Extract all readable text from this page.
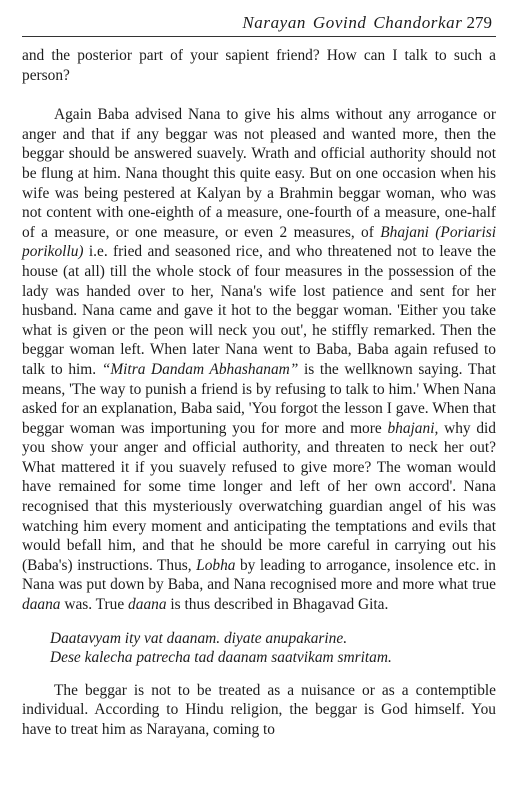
Narayan Govind Chandorkar 279

and the posterior part of your sapient friend? How can I talk to such a person?

Again Baba advised Nana to give his alms without any arrogance or anger and that if any beggar was not pleased and wanted more, then the beggar should be answered suavely. Wrath and official authority should not be flung at him. Nana thought this quite easy. But on one occasion when his wife was being pestered at Kalyan by a Brahmin beggar woman, who was not content with one-eighth of a measure, one-fourth of a measure, one-half of a measure, or one measure, or even 2 measures, of Bhajani (Poriarisi porikollu) i.e. fried and seasoned rice, and who threatened not to leave the house (at all) till the whole stock of four measures in the possession of the lady was handed over to her, Nana's wife lost patience and sent for her husband. Nana came and gave it hot to the beggar woman. 'Either you take what is given or the peon will neck you out', he stiffly remarked. Then the beggar woman left. When later Nana went to Baba, Baba again refused to talk to him. “Mitra Dandam Abhashanam” is the wellknown saying. That means, 'The way to punish a friend is by refusing to talk to him.' When Nana asked for an explanation, Baba said, 'You forgot the lesson I gave. When that beggar woman was importuning you for more and more bhajani, why did you show your anger and official authority, and threaten to neck her out? What mattered it if you suavely refused to give more? The woman would have remained for some time longer and left of her own accord'. Nana recognised that this mysteriously overwatching guardian angel of his was watching him every moment and anticipating the temptations and evils that would befall him, and that he should be more careful in carrying out his (Baba's) instructions. Thus, Lobha by leading to arrogance, insolence etc. in Nana was put down by Baba, and Nana recognised more and more what true daana was. True daana is thus described in Bhagavad Gita.

Daatavyam ity vat daanam. diyate anupakarine.
Dese kalecha patrecha tad daanam saatvikam smritam.

The beggar is not to be treated as a nuisance or as a contemptible individual. According to Hindu religion, the beggar is God himself. You have to treat him as Narayana, coming to
